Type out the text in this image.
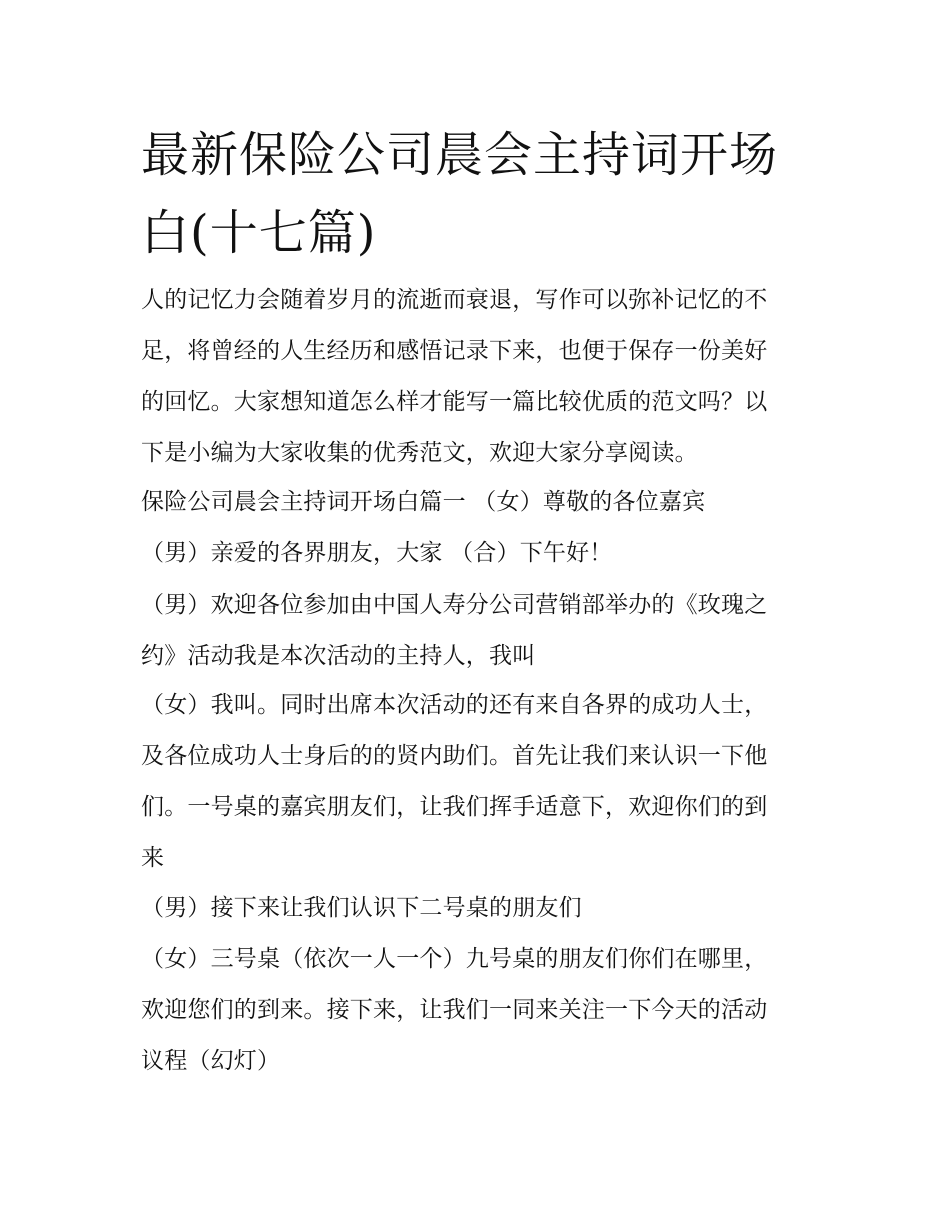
最新保险公司晨会主持词开场
白(十七篇)

人的记忆力会随着岁月的流逝而衰退，写作可以弥补记忆的不

足，将曾经的人生经历和感悟记录下来，也便于保存一份美好

的回忆。大家想知道怎么样才能写一篇比较优质的范文吗？以

下是小编为大家收集的优秀范文，欢迎大家分享阅读。

保险公司晨会主持词开场白篇一 （女）尊敬的各位嘉宾

（男）亲爱的各界朋友，大家 （合）下午好！

（男）欢迎各位参加由中国人寿分公司营销部举办的《玫瑰之

约》活动我是本次活动的主持人，我叫

（女）我叫。同时出席本次活动的还有来自各界的成功人士，

及各位成功人士身后的的贤内助们。首先让我们来认识一下他

们。一号桌的嘉宾朋友们，让我们挥手适意下，欢迎你们的到

来

（男）接下来让我们认识下二号桌的朋友们

（女）三号桌（依次一人一个）九号桌的朋友们你们在哪里，

欢迎您们的到来。接下来，让我们一同来关注一下今天的活动

议程（幻灯）
